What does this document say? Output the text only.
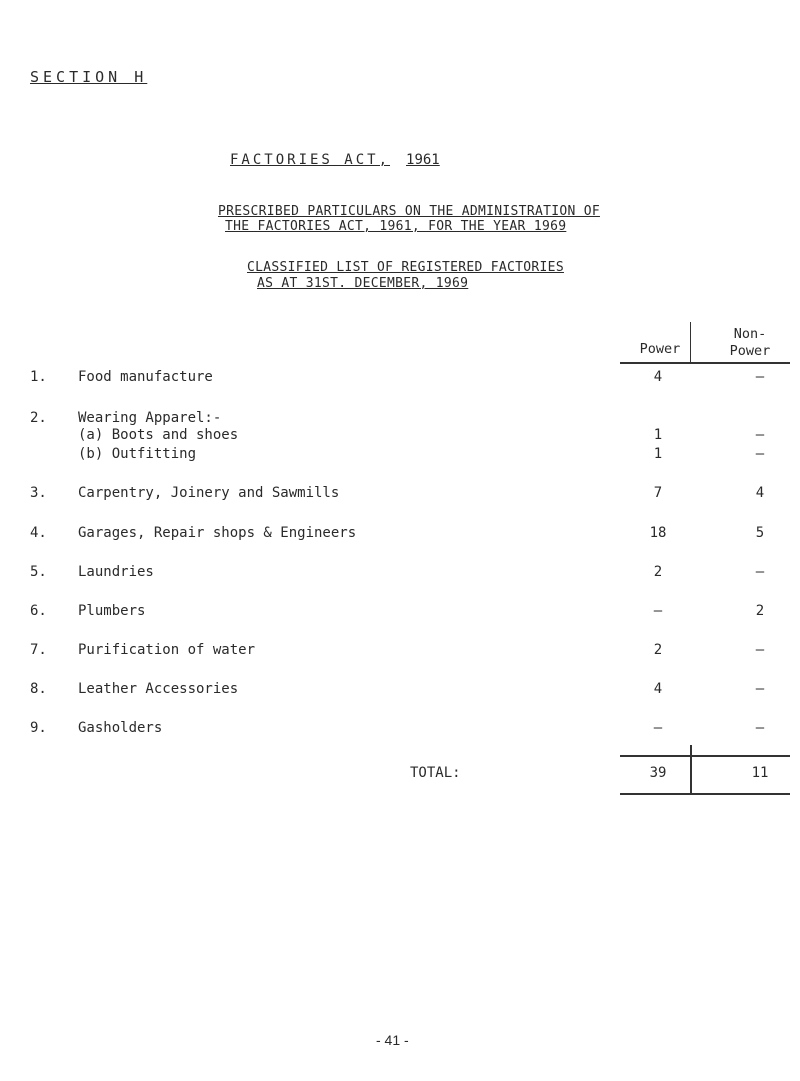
SECTION H
FACTORIES ACT, 1961
PRESCRIBED PARTICULARS ON THE ADMINISTRATION OF
THE FACTORIES ACT, 1961, FOR THE YEAR 1969
CLASSIFIED LIST OF REGISTERED FACTORIES
AS AT 31ST. DECEMBER, 1969
Power
Non-
Power
1. Food manufacture	4	–
2. Wearing Apparel:-
(a) Boots and shoes	1	–
(b) Outfitting	1	–
3. Carpentry, Joinery and Sawmills	7	4
4. Garages, Repair shops & Engineers	18	5
5. Laundries	2	–
6. Plumbers	–	2
7. Purification of water	2	–
8. Leather Accessories	4	–
9. Gasholders	–	–
TOTAL:	39	11
- 41 -
